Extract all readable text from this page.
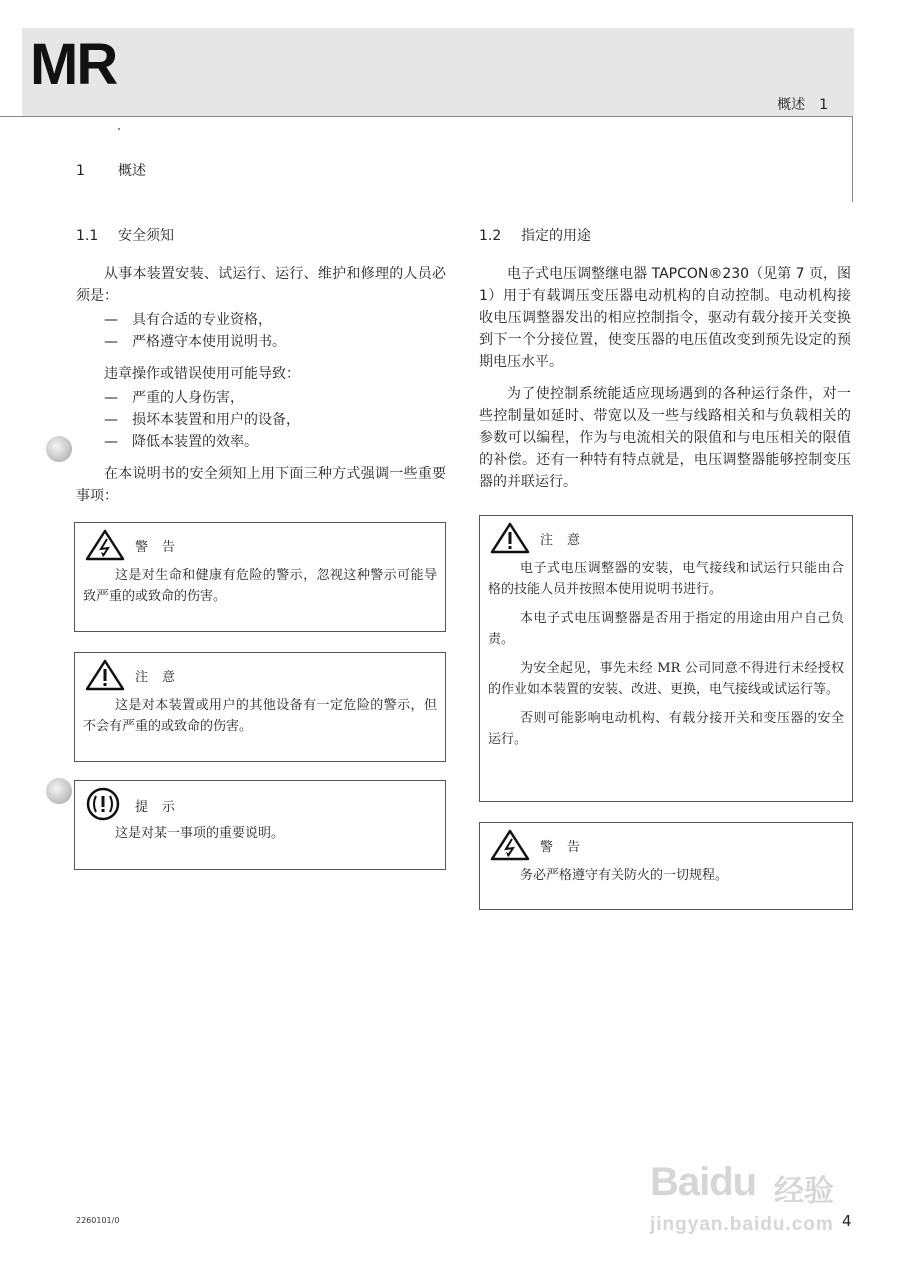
MR
概述　1
1 概述
1.1 安全须知

从事本装置安装、试运行、运行、维护和修理的人员必须是：

— 具有合适的专业资格，
— 严格遵守本使用说明书。

违章操作或错误使用可能导致：

— 严重的人身伤害，
— 损坏本装置和用户的设备，
— 降低本装置的效率。

在本说明书的安全须知上用下面三种方式强调一些重要事项：

1.2 指定的用途

电子式电压调整继电器 TAPCON®230（见第 7 页，图 1）用于有载调压变压器电动机构的自动控制。电动机构接收电压调整器发出的相应控制指令，驱动有载分接开关变换到下一个分接位置，使变压器的电压值改变到预先设定的预期电压水平。

为了使控制系统能适应现场遇到的各种运行条件，对一些控制量如延时、带宽以及一些与线路相关和与负载相关的参数可以编程，作为与电流相关的限值和与电压相关的限值的补偿。还有一种特有特点就是，电压调整器能够控制变压器的并联运行。

警告

这是对生命和健康有危险的警示，忽视这种警示可能导致严重的或致命的伤害。

注意

这是对本装置或用户的其他设备有一定危险的警示，但不会有严重的或致命的伤害。

提示

这是对某一事项的重要说明。

注意

电子式电压调整器的安装，电气接线和试运行只能由合格的技能人员并按照本使用说明书进行。

本电子式电压调整器是否用于指定的用途由用户自己负责。

为安全起见，事先未经 MR 公司同意不得进行未经授权的作业如本装置的安装、改进、更换，电气接线或试运行等。

否则可能影响电动机构、有载分接开关和变压器的安全运行。

警告

务必严格遵守有关防火的一切规程。

2260101/0	4
Baidu 经验
jingyan.baidu.com
